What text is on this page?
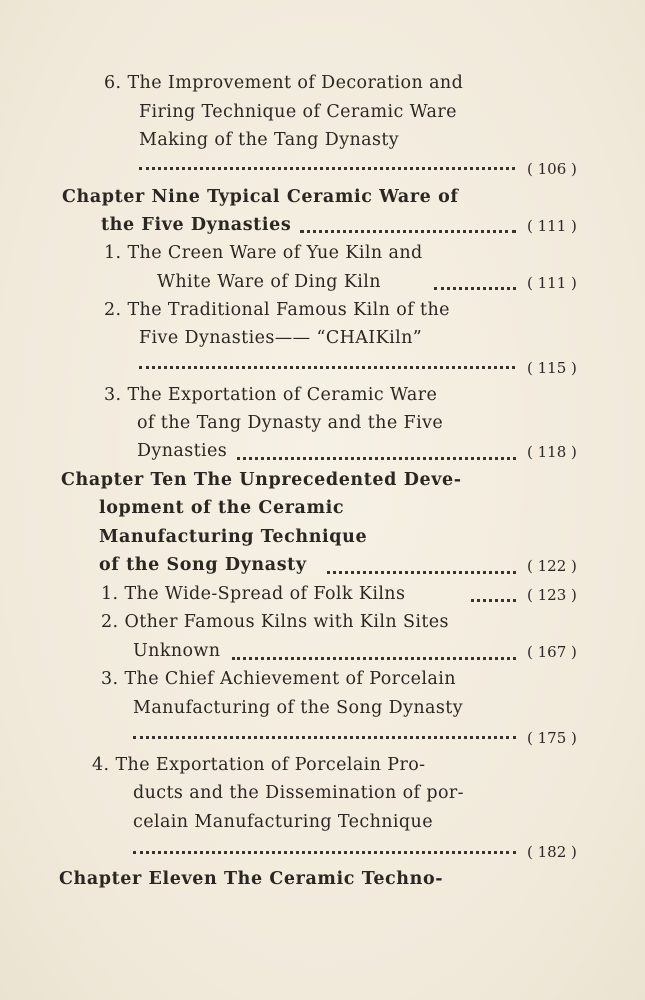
6. The Improvement of Decoration and
Firing Technique of Ceramic Ware
Making of the Tang Dynasty
( 106 )
Chapter Nine Typical Ceramic Ware of
the Five Dynasties	( 111 )
1. The Creen Ware of Yue Kiln and
White Ware of Ding Kiln	( 111 )
2. The Traditional Famous Kiln of the
Five Dynasties—— “CHAIKiln”
( 115 )
3. The Exportation of Ceramic Ware
of the Tang Dynasty and the Five
Dynasties	( 118 )
Chapter Ten The Unprecedented Deve-
lopment of the Ceramic
Manufacturing Technique
of the Song Dynasty	( 122 )
1. The Wide-Spread of Folk Kilns	( 123 )
2. Other Famous Kilns with Kiln Sites
Unknown	( 167 )
3. The Chief Achievement of Porcelain
Manufacturing of the Song Dynasty
( 175 )
4. The Exportation of Porcelain Pro-
ducts and the Dissemination of por-
celain Manufacturing Technique
( 182 )
Chapter Eleven The Ceramic Techno-
